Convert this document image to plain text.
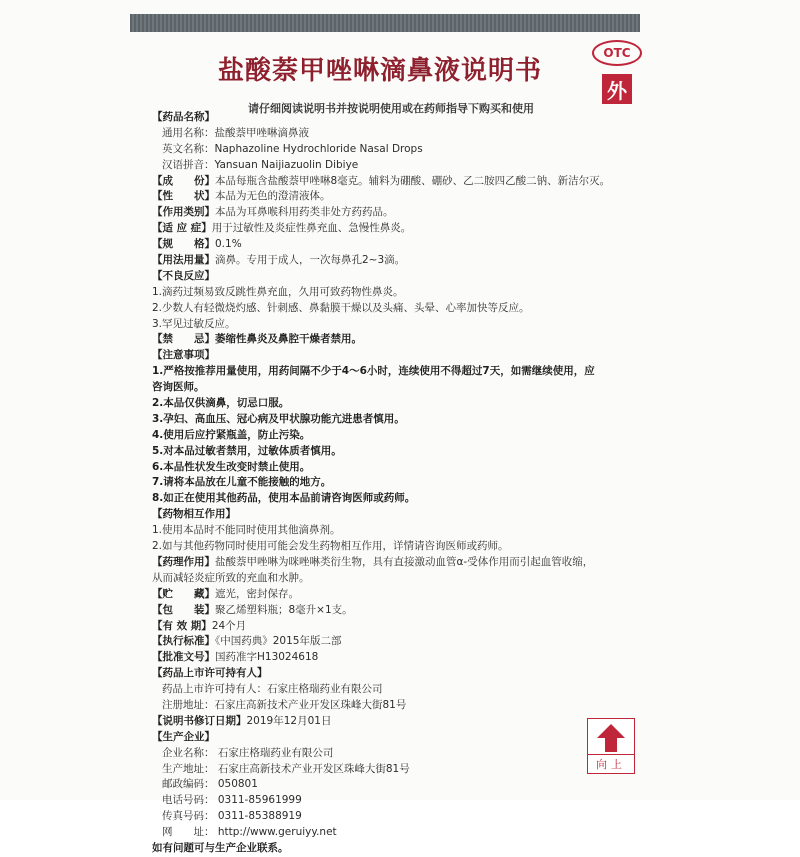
盐酸萘甲唑啉滴鼻液说明书
OTC
外
请仔细阅读说明书并按说明使用或在药师指导下购买和使用
【药品名称】
通用名称：盐酸萘甲唑啉滴鼻液
英文名称：Naphazoline Hydrochloride Nasal Drops
汉语拼音：Yansuan Naijiazuolin Dibiye
【成　　份】本品每瓶含盐酸萘甲唑啉8毫克。辅料为硼酸、硼砂、乙二胺四乙酸二钠、新洁尔灭。
【性　　状】本品为无色的澄清液体。
【作用类别】本品为耳鼻喉科用药类非处方药药品。
【适 应 症】用于过敏性及炎症性鼻充血、急慢性鼻炎。
【规　　格】0.1%
【用法用量】滴鼻。专用于成人，一次每鼻孔2~3滴。
【不良反应】
1.滴药过频易致反跳性鼻充血，久用可致药物性鼻炎。
2.少数人有轻微烧灼感、针刺感、鼻黏膜干燥以及头痛、头晕、心率加快等反应。
3.罕见过敏反应。
【禁　　忌】萎缩性鼻炎及鼻腔干燥者禁用。
【注意事项】
1.严格按推荐用量使用，用药间隔不少于4～6小时，连续使用不得超过7天，如需继续使用，应
咨询医师。
2.本品仅供滴鼻，切忌口服。
3.孕妇、高血压、冠心病及甲状腺功能亢进患者慎用。
4.使用后应拧紧瓶盖，防止污染。
5.对本品过敏者禁用，过敏体质者慎用。
6.本品性状发生改变时禁止使用。
7.请将本品放在儿童不能接触的地方。
8.如正在使用其他药品，使用本品前请咨询医师或药师。
【药物相互作用】
1.使用本品时不能同时使用其他滴鼻剂。
2.如与其他药物同时使用可能会发生药物相互作用，详情请咨询医师或药师。
【药理作用】盐酸萘甲唑啉为咪唑啉类衍生物，具有直接激动血管α-受体作用而引起血管收缩，
从而减轻炎症所致的充血和水肿。
【贮　　藏】遮光，密封保存。
【包　　装】聚乙烯塑料瓶；8毫升×1支。
【有 效 期】24个月
【执行标准】《中国药典》2015年版二部
【批准文号】国药准字H13024618
【药品上市许可持有人】
药品上市许可持有人：石家庄格瑞药业有限公司
注册地址：石家庄高新技术产业开发区珠峰大街81号
【说明书修订日期】2019年12月01日
【生产企业】
企业名称： 石家庄格瑞药业有限公司
生产地址： 石家庄高新技术产业开发区珠峰大街81号
邮政编码： 050801
电话号码： 0311-85961999
传真号码： 0311-85388919
网　　址： http://www.geruiyy.net
如有问题可与生产企业联系。
向上
